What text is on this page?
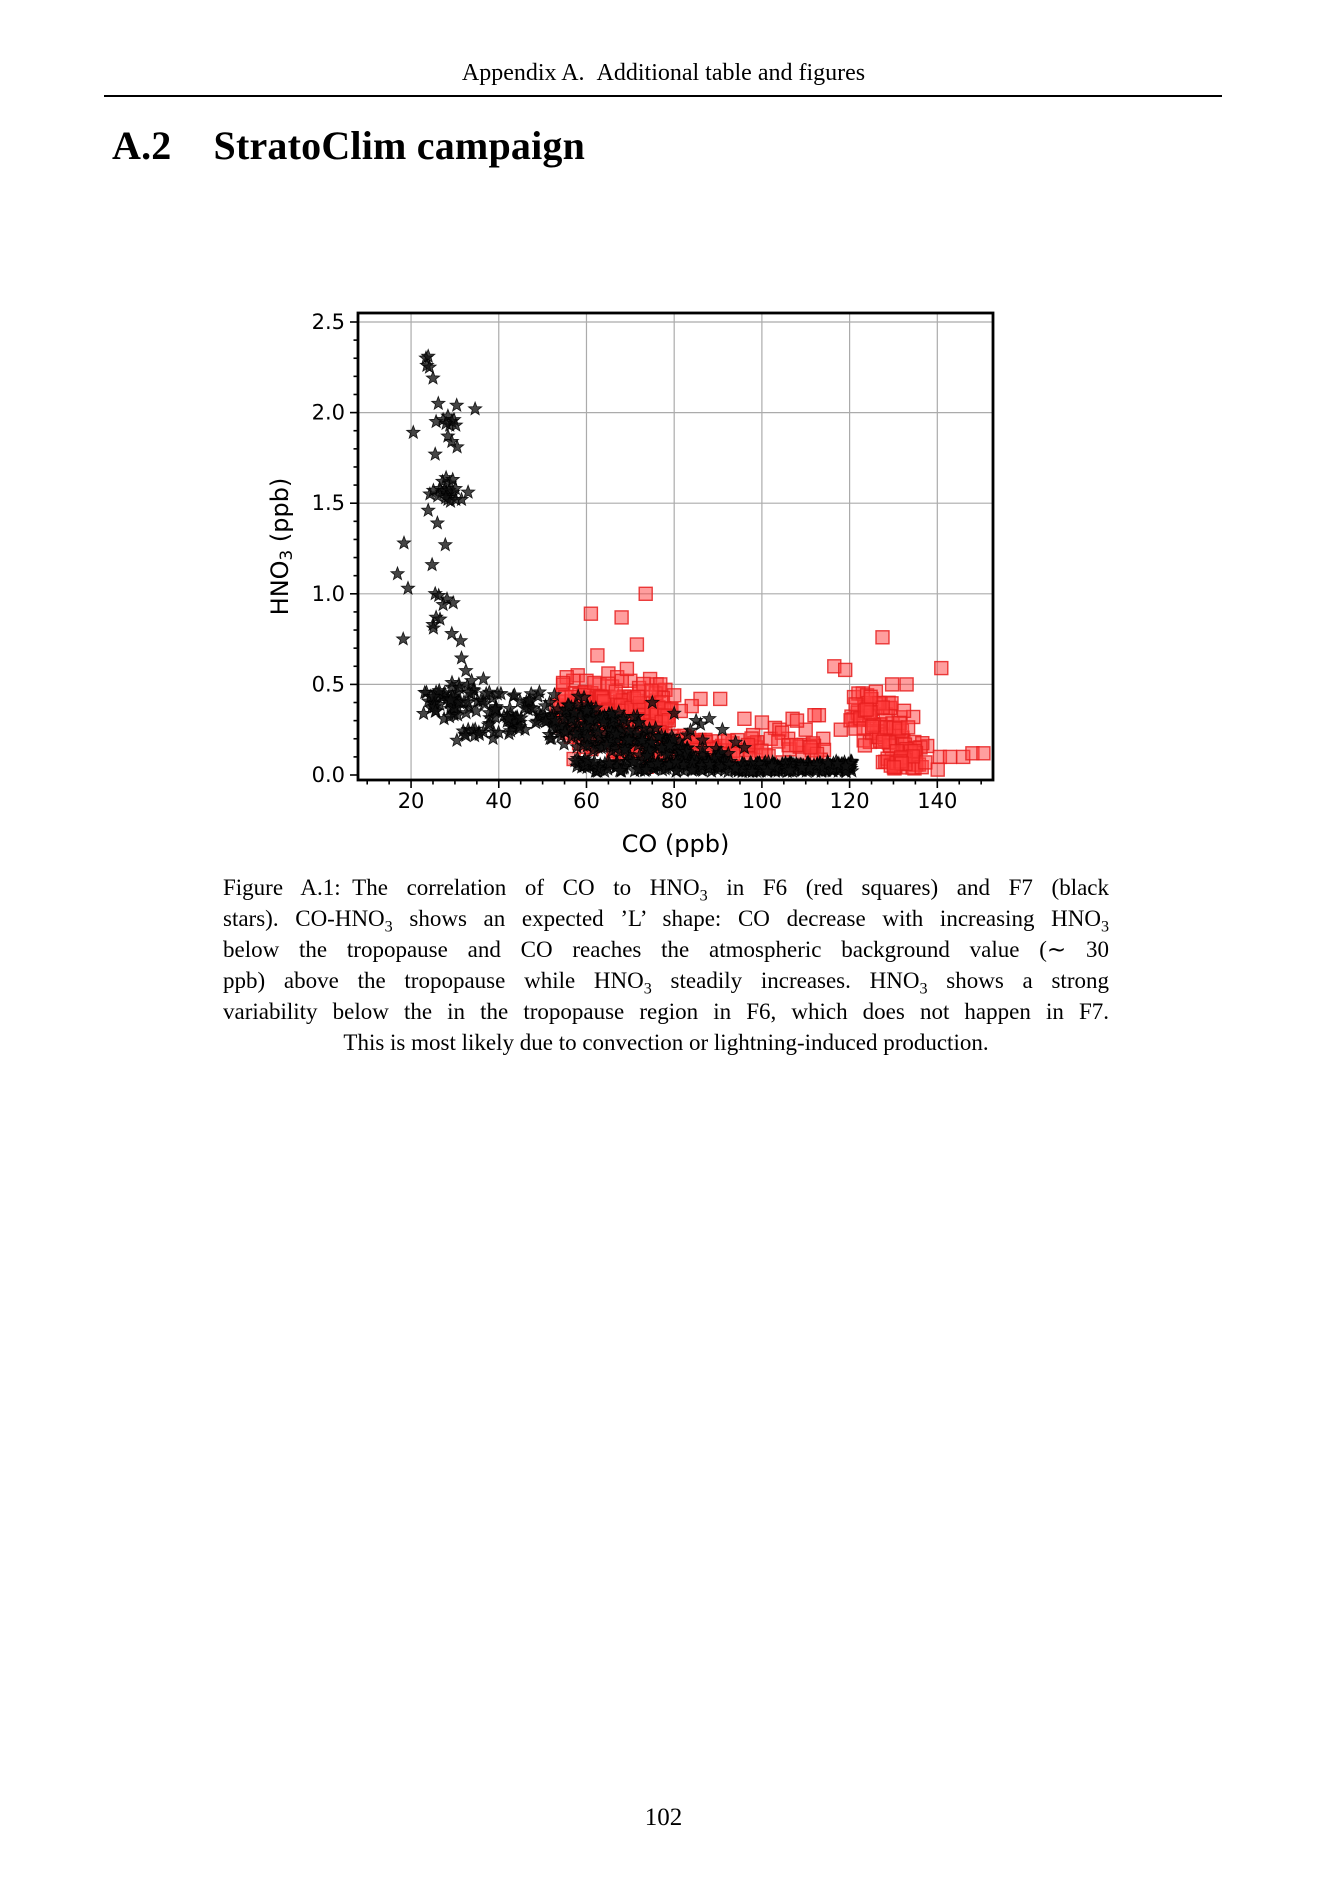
Appendix A. Additional table and figures
A.2 StratoClim campaign
20	40	60	80	100 120 140
0.0
0.5
1.0
1.5
2.0
2.5
CO (ppb)
HNO3 (ppb)
Figure A.1: The correlation of CO to $HNO_3$ in F6 (red squares) and F7 (black
stars). $CO-HNO_3$ shows an expected ’L’ shape: CO decrease with increasing $HNO_3$
below the tropopause and CO reaches the atmospheric background value (∼ 30
ppb) above the tropopause while $HNO_3$ steadily increases. $HNO_3$ shows a strong
variability below the in the tropopause region in F6, which does not happen in F7.
This is most likely due to convection or lightning-induced production.
102
